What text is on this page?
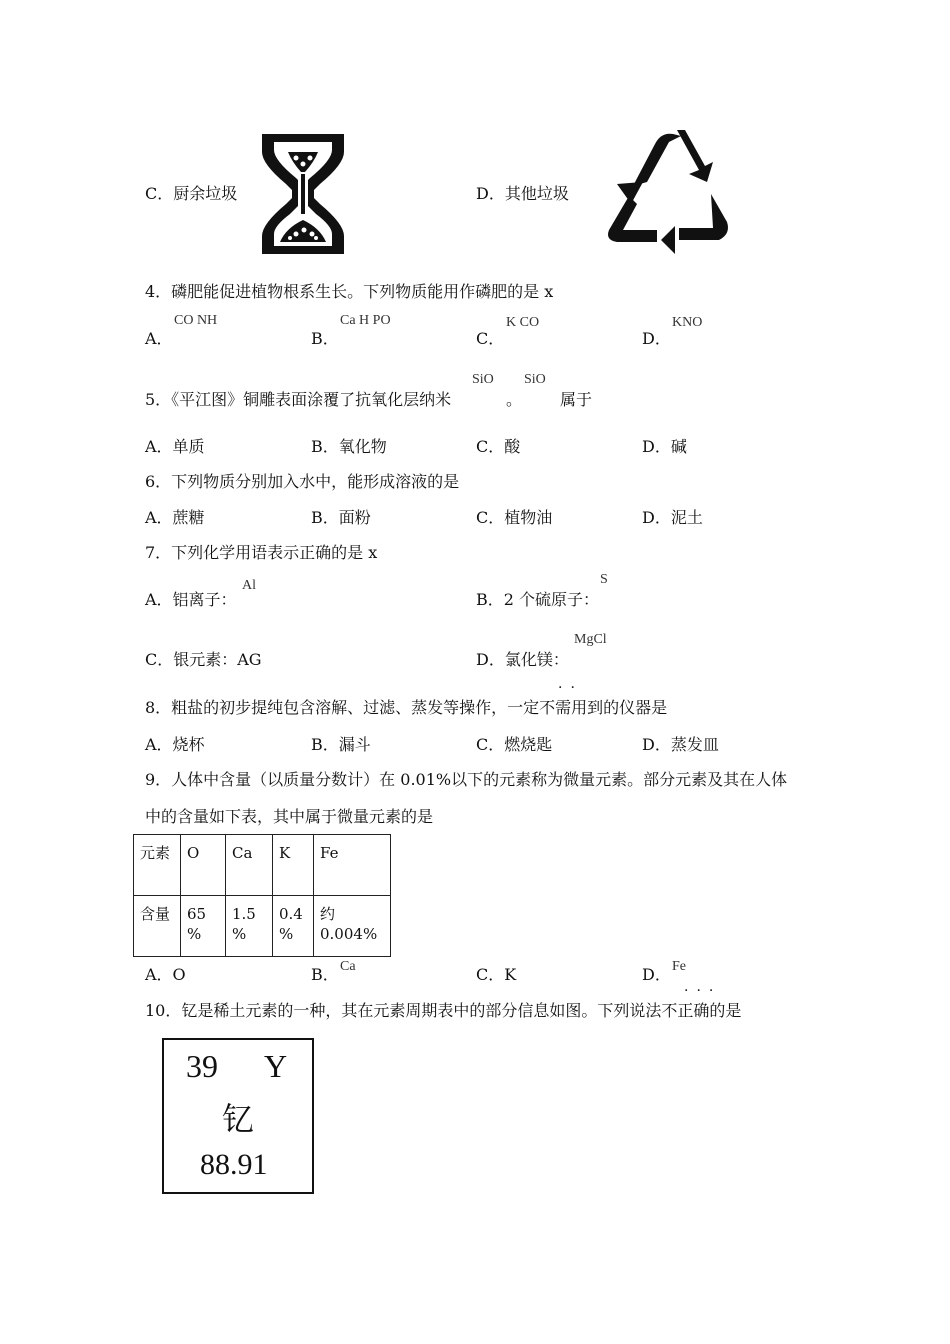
C．厨余垃圾	D．其他垃圾
4．磷肥能促进植物根系生长。下列物质能用作磷肥的是 x
A．
CO NH
B．
Ca H PO
C．
K CO
D．
KNO
5．《平江图》铜雕表面涂覆了抗氧化层纳米
SiO
。
SiO
属于
A．单质	B．氧化物	C．酸	D．碱
6．下列物质分别加入水中，能形成溶液的是
A．蔗糖	B．面粉	C．植物油	D．泥土
7．下列化学用语表示正确的是 x
A．铝离子：
Al
B．2 个硫原子：
S
C．银元素：AG	D．氯化镁：
MgCl
··
8．粗盐的初步提纯包含溶解、过滤、蒸发等操作，一定不需用到的仪器是
A．烧杯	B．漏斗	C．燃烧匙	D．蒸发皿
9．人体中含量（以质量分数计）在 0.01%以下的元素称为微量元素。部分元素及其在人体
中的含量如下表，其中属于微量元素的是
元素	O	Ca	K	Fe
含量	65 %	1.5 %	0.4 %	约 0.004%
A．O	B． Ca	C．K	D． Fe
···
10．钇是稀土元素的一种，其在元素周期表中的部分信息如图。下列说法不正确的是
39 Y
钇
88.91
